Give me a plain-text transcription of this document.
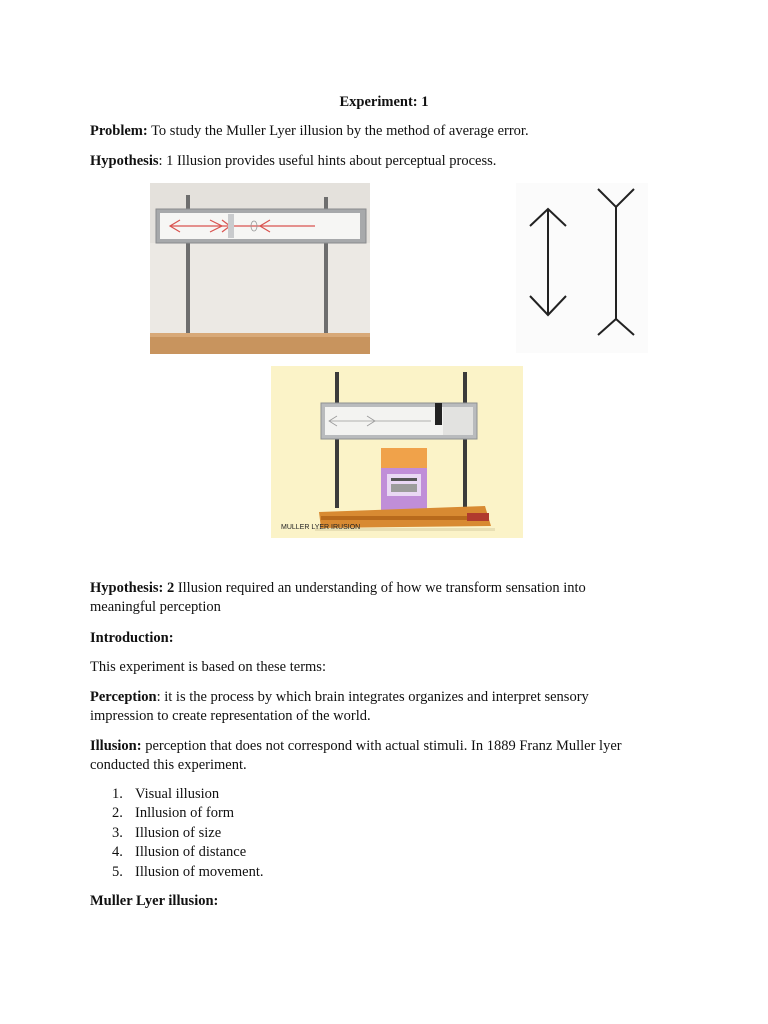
Experiment: 1
Problem: To study the Muller Lyer illusion by the method of average error.
Hypothesis: 1 Illusion provides useful hints about perceptual process.
MULLER LYER IRUSION
Hypothesis: 2 Illusion required an understanding of how we transform sensation into meaningful perception
Introduction:
This experiment is based on these terms:
Perception: it is the process by which brain integrates organizes and interpret sensory impression to create representation of the world.
Illusion: perception that does not correspond with actual stimuli. In 1889 Franz Muller lyer conducted this experiment.
1. Visual illusion
2. Inllusion of form
3. Illusion of size
4. Illusion of distance
5. Illusion of movement.
Muller Lyer illusion:
